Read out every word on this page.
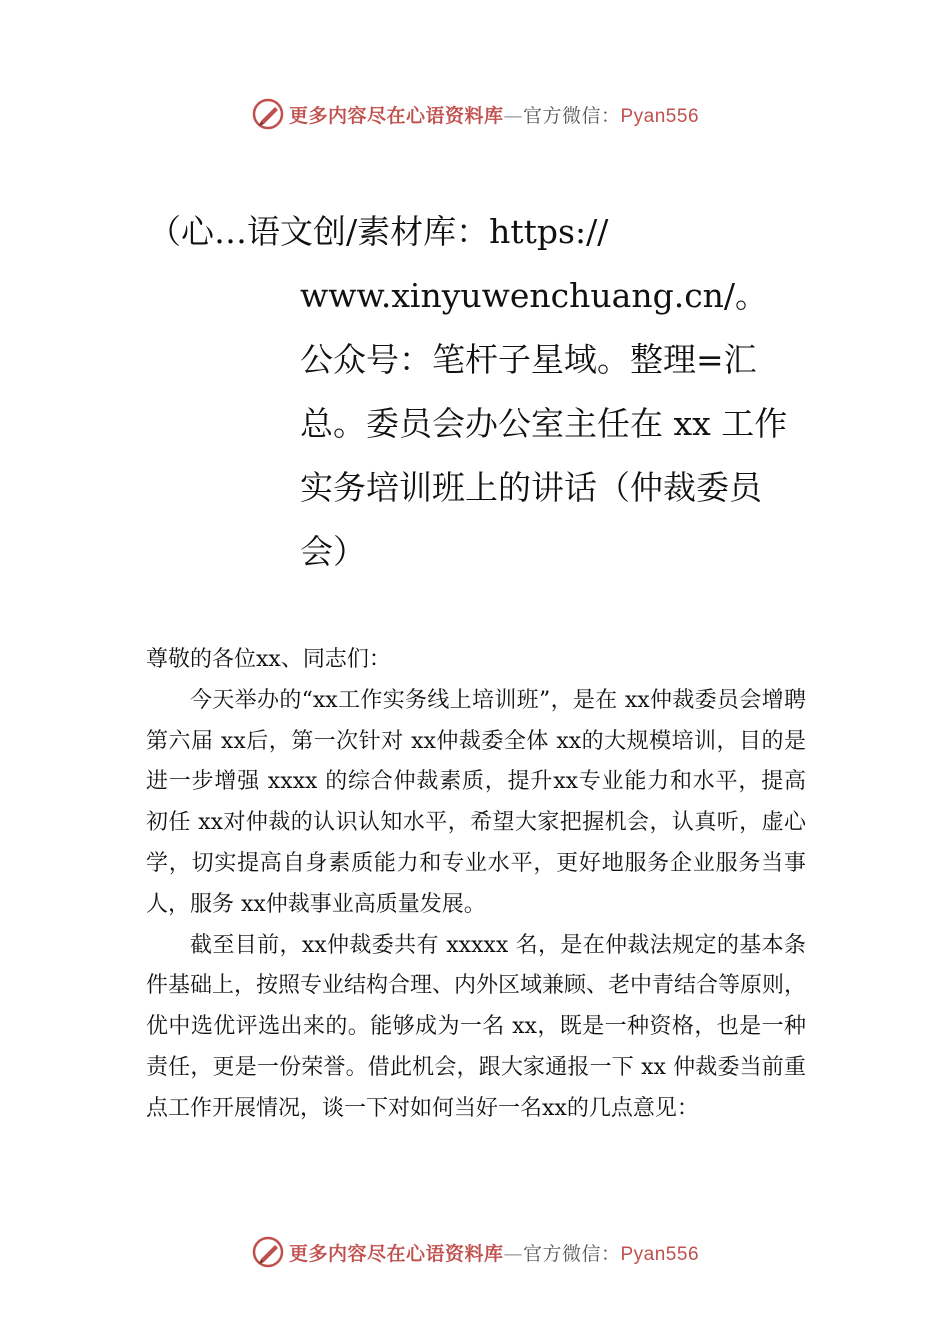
更多内容尽在心语资料库—官方微信：Pyan556
（心…语文创/素材库：https://
www.xinyuwenchuang.cn/。公众号：笔杆子星域。整理=汇总。委员会办公室主任在 xx 工作实务培训班上的讲话（仲裁委员会）

尊敬的各位xx、同志们：

今天举办的“xx工作实务线上培训班”，是在 xx仲裁委员会增聘第六届 xx后，第一次针对 xx仲裁委全体 xx的大规模培训，目的是进一步增强 xxxx 的综合仲裁素质，提升xx专业能力和水平，提高初任 xx对仲裁的认识认知水平，希望大家把握机会，认真听，虚心学，切实提高自身素质能力和专业水平，更好地服务企业服务当事人，服务 xx仲裁事业高质量发展。

截至目前，xx仲裁委共有 xxxxx 名，是在仲裁法规定的基本条件基础上，按照专业结构合理、内外区域兼顾、老中青结合等原则，优中选优评选出来的。能够成为一名 xx，既是一种资格，也是一种责任，更是一份荣誉。借此机会，跟大家通报一下 xx 仲裁委当前重点工作开展情况，谈一下对如何当好一名xx的几点意见：

更多内容尽在心语资料库—官方微信：Pyan556
